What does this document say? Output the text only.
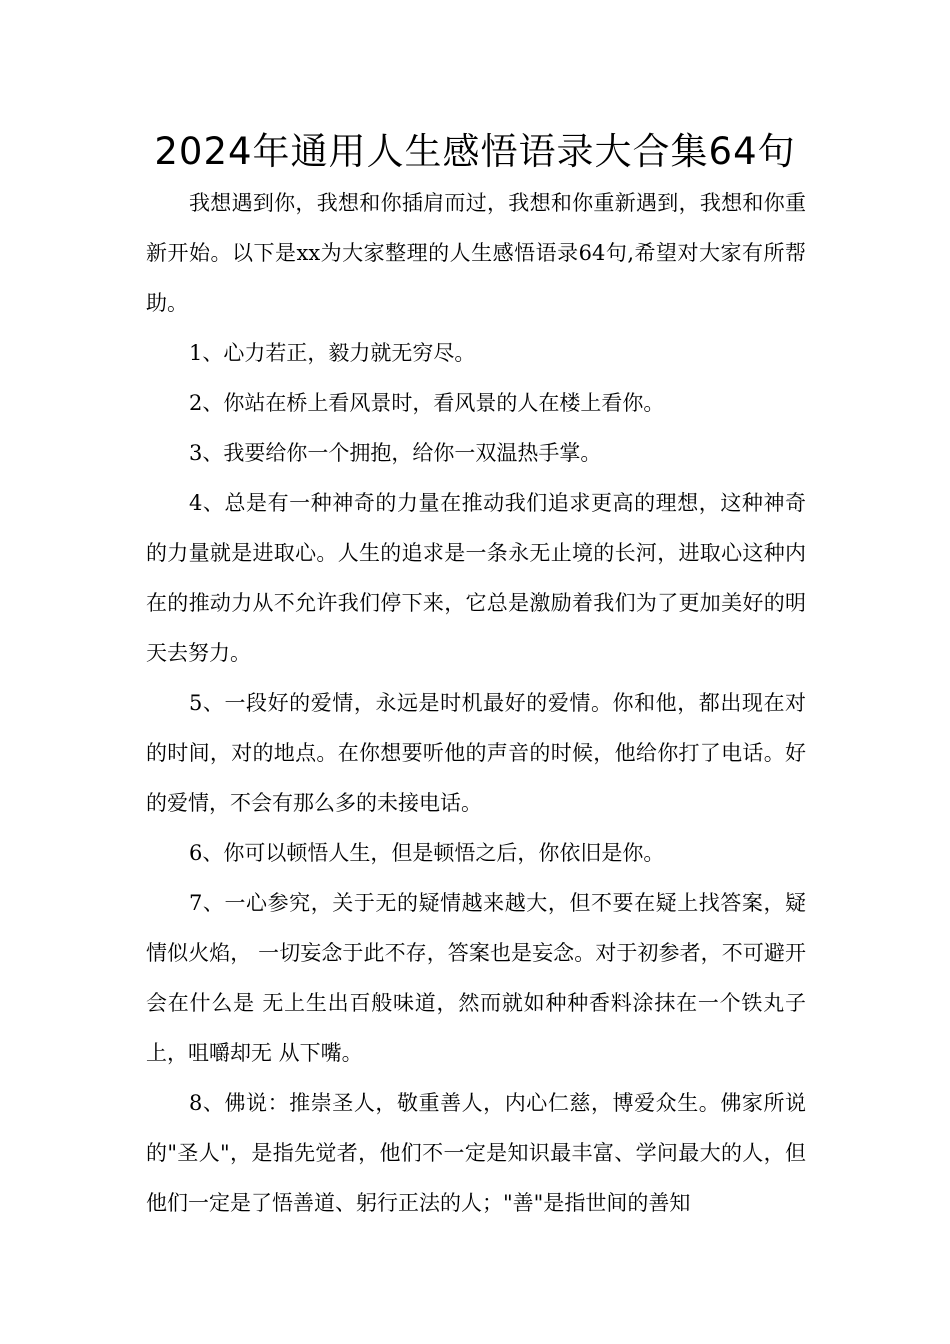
2024年通用人生感悟语录大合集64句

我想遇到你，我想和你插肩而过，我想和你重新遇到，我想和你重新开始。以下是xx为大家整理的人生感悟语录64句,希望对大家有所帮助。

1、心力若正，毅力就无穷尽。

2、你站在桥上看风景时，看风景的人在楼上看你。

3、我要给你一个拥抱，给你一双温热手掌。

4、总是有一种神奇的力量在推动我们追求更高的理想，这种神奇的力量就是进取心。人生的追求是一条永无止境的长河，进取心这种内在的推动力从不允许我们停下来，它总是激励着我们为了更加美好的明天去努力。

5、一段好的爱情，永远是时机最好的爱情。你和他，都出现在对的时间，对的地点。在你想要听他的声音的时候，他给你打了电话。好的爱情，不会有那么多的未接电话。

6、你可以顿悟人生，但是顿悟之后，你依旧是你。

7、一心参究，关于无的疑情越来越大，但不要在疑上找答案，疑情似火焰， 一切妄念于此不存，答案也是妄念。对于初参者，不可避开会在什么是 无上生出百般味道，然而就如种种香料涂抹在一个铁丸子上，咀嚼却无 从下嘴。

8、佛说：推崇圣人，敬重善人，内心仁慈，博爱众生。佛家所说的"圣人"，是指先觉者，他们不一定是知识最丰富、学问最大的人，但他们一定是了悟善道、躬行正法的人；"善"是指世间的善知
